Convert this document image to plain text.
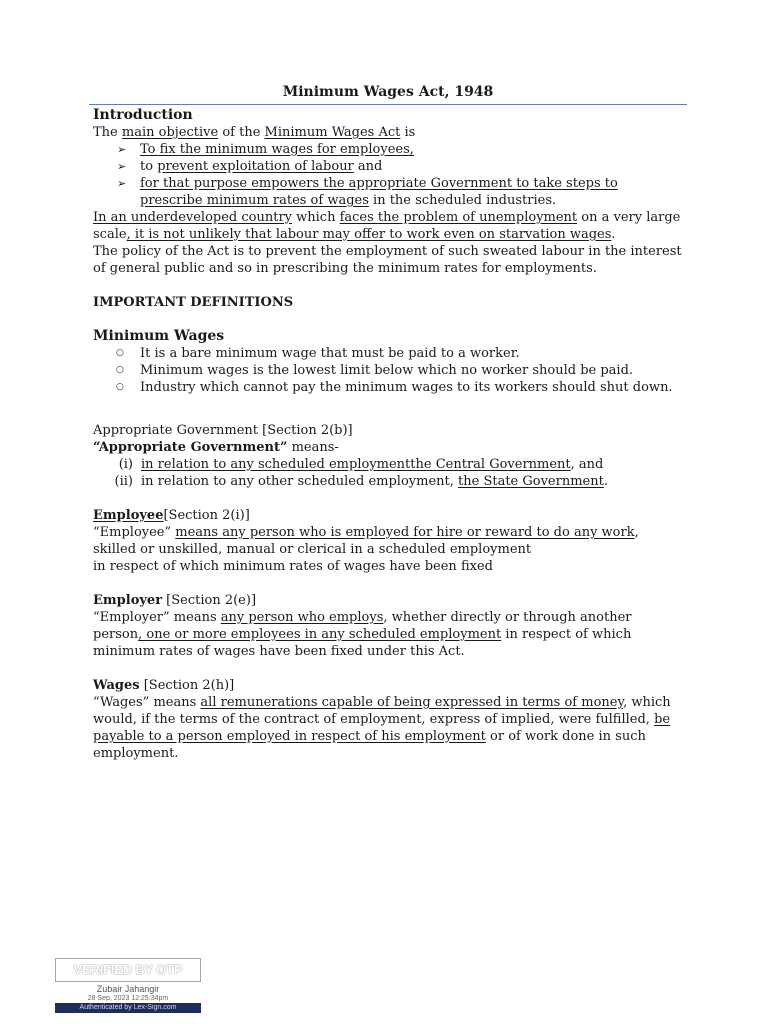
Minimum Wages Act, 1948
Introduction

The main objective of the Minimum Wages Act is

➢ To fix the minimum wages for employees,
➢ to prevent exploitation of labour and
➢ for that purpose empowers the appropriate Government to take steps to prescribe minimum rates of wages in the scheduled industries.

In an underdeveloped country which faces the problem of unemployment on a very large scale, it is not unlikely that labour may offer to work even on starvation wages.

The policy of the Act is to prevent the employment of such sweated labour in the interest of general public and so in prescribing the minimum rates for employments.

IMPORTANT DEFINITIONS
Minimum Wages
○ It is a bare minimum wage that must be paid to a worker.
○ Minimum wages is the lowest limit below which no worker should be paid.
○ Industry which cannot pay the minimum wages to its workers should shut down.

Appropriate Government [Section 2(b)]

“Appropriate Government” means-

(i) in relation to any scheduled employmentthe Central Government, and
(ii) in relation to any other scheduled employment, the State Government.

Employee[Section 2(i)]

“Employee” means any person who is employed for hire or reward to do any work, skilled or unskilled, manual or clerical in a scheduled employment

in respect of which minimum rates of wages have been fixed

Employer [Section 2(e)]

“Employer” means any person who employs, whether directly or through another person, one or more employees in any scheduled employment in respect of which minimum rates of wages have been fixed under this Act.

Wages [Section 2(h)]

“Wages” means all remunerations capable of being expressed in terms of money, which would, if the terms of the contract of employment, express of implied, were fulfilled, be payable to a person employed in respect of his employment or of work done in such employment.

VERIFIED BY OTP
Zubair Jahangir
28 Sep, 2023 12:25:34pm
Authenticated by Lex-Sign.com
